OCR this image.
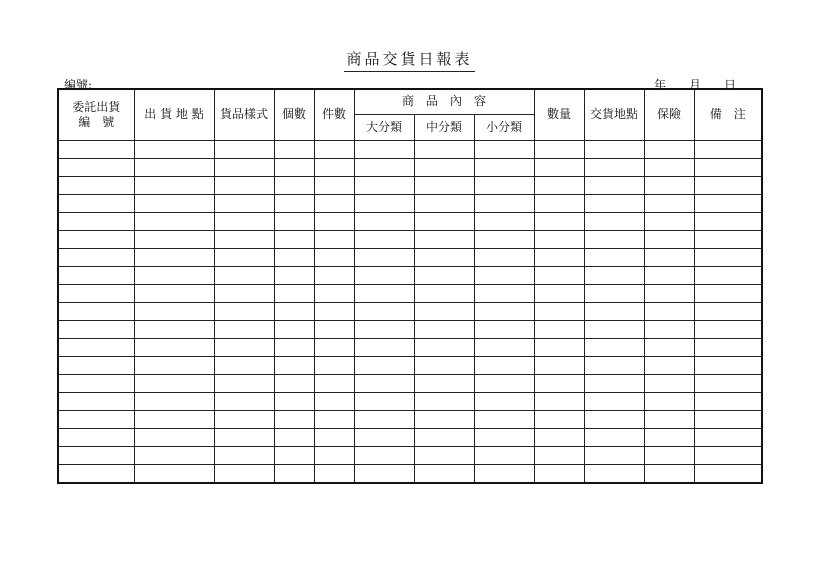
商品交貨日報表
編號:	年 月 日
委託出貨
編　號	出 貨 地 點	貨品樣式	個數	件數	商　品　內　容			數量	交貨地點	保險	備　注
					大分類	中分類	小分類				
